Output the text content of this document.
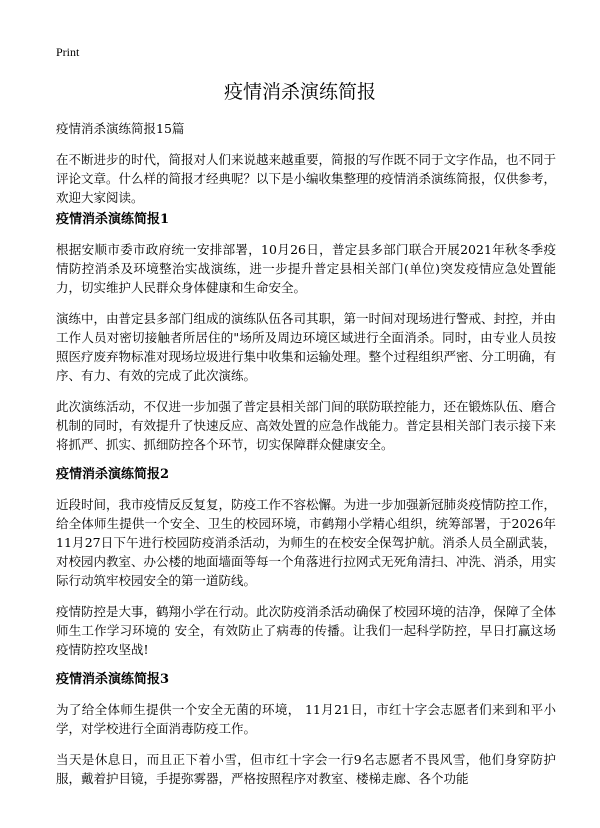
Print
疫情消杀演练简报
疫情消杀演练简报15篇

在不断进步的时代，简报对人们来说越来越重要，简报的写作既不同于文字作品，也不同于评论文章。什么样的简报才经典呢？以下是小编收集整理的疫情消杀演练简报，仅供参考，欢迎大家阅读。

疫情消杀演练简报1

根据安顺市委市政府统一安排部署，10月26日，普定县多部门联合开展2021年秋冬季疫情防控消杀及环境整治实战演练，进一步提升普定县相关部门(单位)突发疫情应急处置能力，切实维护人民群众身体健康和生命安全。

演练中，由普定县多部门组成的演练队伍各司其职，第一时间对现场进行警戒、封控，并由工作人员对密切接触者所居住的"场所及周边环境区域进行全面消杀。同时，由专业人员按照医疗废弃物标准对现场垃圾进行集中收集和运输处理。整个过程组织严密、分工明确，有序、有力、有效的完成了此次演练。

此次演练活动，不仅进一步加强了普定县相关部门间的联防联控能力，还在锻炼队伍、磨合机制的同时，有效提升了快速反应、高效处置的应急作战能力。普定县相关部门表示接下来将抓严、抓实、抓细防控各个环节，切实保障群众健康安全。

疫情消杀演练简报2

近段时间，我市疫情反反复复，防疫工作不容松懈。为进一步加强新冠肺炎疫情防控工作，给全体师生提供一个安全、卫生的校园环境，市鹤翔小学精心组织，统筹部署，于2026年11月27日下午进行校园防疫消杀活动，为师生的在校安全保驾护航。消杀人员全副武装，对校园内教室、办公楼的地面墙面等每一个角落进行拉网式无死角清扫、冲洗、消杀，用实际行动筑牢校园安全的第一道防线。

疫情防控是大事，鹤翔小学在行动。此次防疫消杀活动确保了校园环境的洁净，保障了全体师生工作学习环境的 安全，有效防止了病毒的传播。让我们一起科学防控，早日打赢这场疫情防控攻坚战!

疫情消杀演练简报3

为了给全体师生提供一个安全无菌的环境， 11月21日，市红十字会志愿者们来到和平小学，对学校进行全面消毒防疫工作。

当天是休息日，而且正下着小雪，但市红十字会一行9名志愿者不畏风雪，他们身穿防护服，戴着护目镜，手提弥雾器，严格按照程序对教室、楼梯走廊、各个功能
